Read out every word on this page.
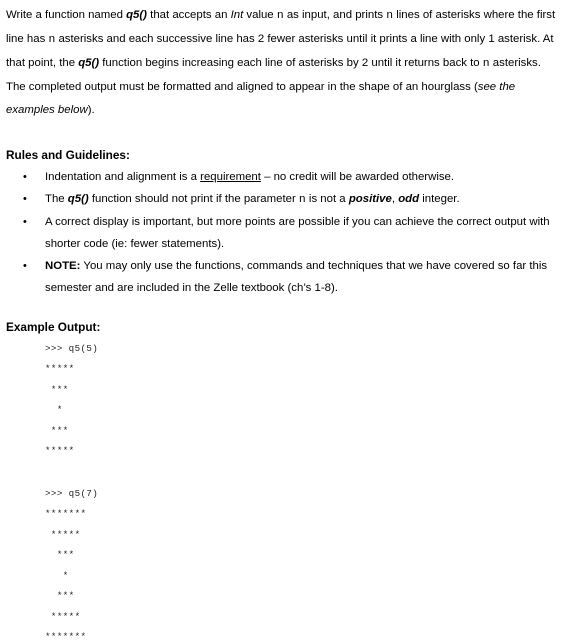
Write a function named q5() that accepts an Int value n as input, and prints n lines of asterisks where the first line has n asterisks and each successive line has 2 fewer asterisks until it prints a line with only 1 asterisk. At that point, the q5() function begins increasing each line of asterisks by 2 until it returns back to n asterisks. The completed output must be formatted and aligned to appear in the shape of an hourglass (see the examples below).
Rules and Guidelines:
• Indentation and alignment is a requirement – no credit will be awarded otherwise.
• The q5() function should not print if the parameter n is not a positive, odd integer.
• A correct display is important, but more points are possible if you can achieve the correct output with shorter code (ie: fewer statements).
• NOTE: You may only use the functions, commands and techniques that we have covered so far this semester and are included in the Zelle textbook (ch’s 1-8).
Example Output:
>>> q5(5)
*****
***
*
***
*****
>>> q5(7)
*******
*****
***
*
***
*****
*******
